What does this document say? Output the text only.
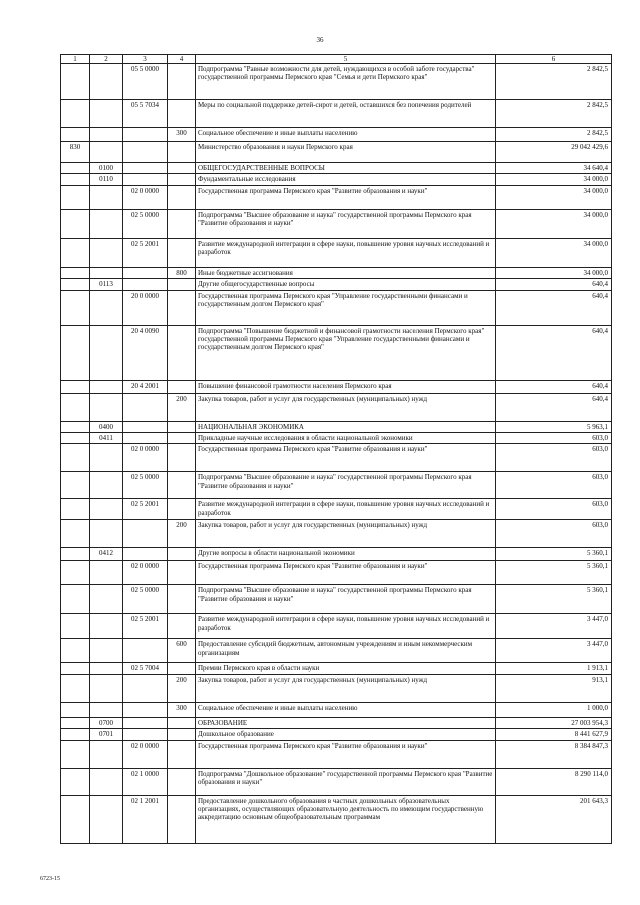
36
1	2	3	4	5	6
		05 5 0000		Подпрограмма "Равные возможности для детей, нуждающихся в особой заботе государства" государственной программы Пермского края "Семья и дети Пермского края"	2 842,5
		05 5 7034		Меры по социальной поддержке детей-сирот и детей, оставшихся без попечения родителей	2 842,5
			300	Социальное обеспечение и иные выплаты населению	2 842,5
830				Министерство образования и науки Пермского края	29 042 429,6
	0100			ОБЩЕГОСУДАРСТВЕННЫЕ ВОПРОСЫ	34 640,4
	0110			Фундаментальные исследования	34 000,0
		02 0 0000		Государственная программа Пермского края "Развитие образования и науки"	34 000,0
		02 5 0000		Подпрограмма "Высшее образование и наука" государственной программы Пермского края "Развитие образования и науки"	34 000,0
		02 5 2001		Развитие международной интеграции в сфере науки, повышение уровня научных исследований и разработок	34 000,0
			800	Иные бюджетные ассигнования	34 000,0
	0113			Другие общегосударственные вопросы	640,4
		20 0 0000		Государственная программа Пермского края "Управление государственными финансами и государственным долгом Пермского края"	640,4
		20 4 0090		Подпрограмма "Повышение бюджетной и финансовой грамотности населения Пермского края" государственной программы Пермского края "Управление государственными финансами и государственным долгом Пермского края"	640,4
		20 4 2001		Повышение финансовой грамотности населения Пермского края	640,4
			200	Закупка товаров, работ и услуг для государственных (муниципальных) нужд	640,4
	0400			НАЦИОНАЛЬНАЯ ЭКОНОМИКА	5 963,1
	0411			Прикладные научные исследования в области национальной экономики	603,0
		02 0 0000		Государственная программа Пермского края "Развитие образования и науки"	603,0
		02 5 0000		Подпрограмма "Высшее образование и наука" государственной программы Пермского края "Развитие образования и науки"	603,0
		02 5 2001		Развитие международной интеграции в сфере науки, повышение уровня научных исследований и разработок	603,0
			200	Закупка товаров, работ и услуг для государственных (муниципальных) нужд	603,0
	0412			Другие вопросы в области национальной экономики	5 360,1
		02 0 0000		Государственная программа Пермского края "Развитие образования и науки"	5 360,1
		02 5 0000		Подпрограмма "Высшее образование и наука" государственной программы Пермского края "Развитие образования и науки"	5 360,1
		02 5 2001		Развитие международной интеграции в сфере науки, повышение уровня научных исследований и разработок	3 447,0
			600	Предоставление субсидий бюджетным, автономным учреждениям и иным некоммерческим организациям	3 447,0
		02 5 7004		Премии Пермского края в области науки	1 913,1
			200	Закупка товаров, работ и услуг для государственных (муниципальных) нужд	913,1
			300	Социальное обеспечение и иные выплаты населению	1 000,0
	0700			ОБРАЗОВАНИЕ	27 003 954,3
	0701			Дошкольное образование	8 441 627,9
		02 0 0000		Государственная программа Пермского края "Развитие образования и науки"	8 384 847,3
		02 1 0000		Подпрограмма "Дошкольное образование" государственной программы Пермского края "Развитие образования и науки"	8 290 114,0
		02 1 2001		Предоставление дошкольного образования в частных дошкольных образовательных организациях, осуществляющих образовательную деятельность по имеющим государственную аккредитацию основным общеобразовательным программам	201 643,3
6723-15
